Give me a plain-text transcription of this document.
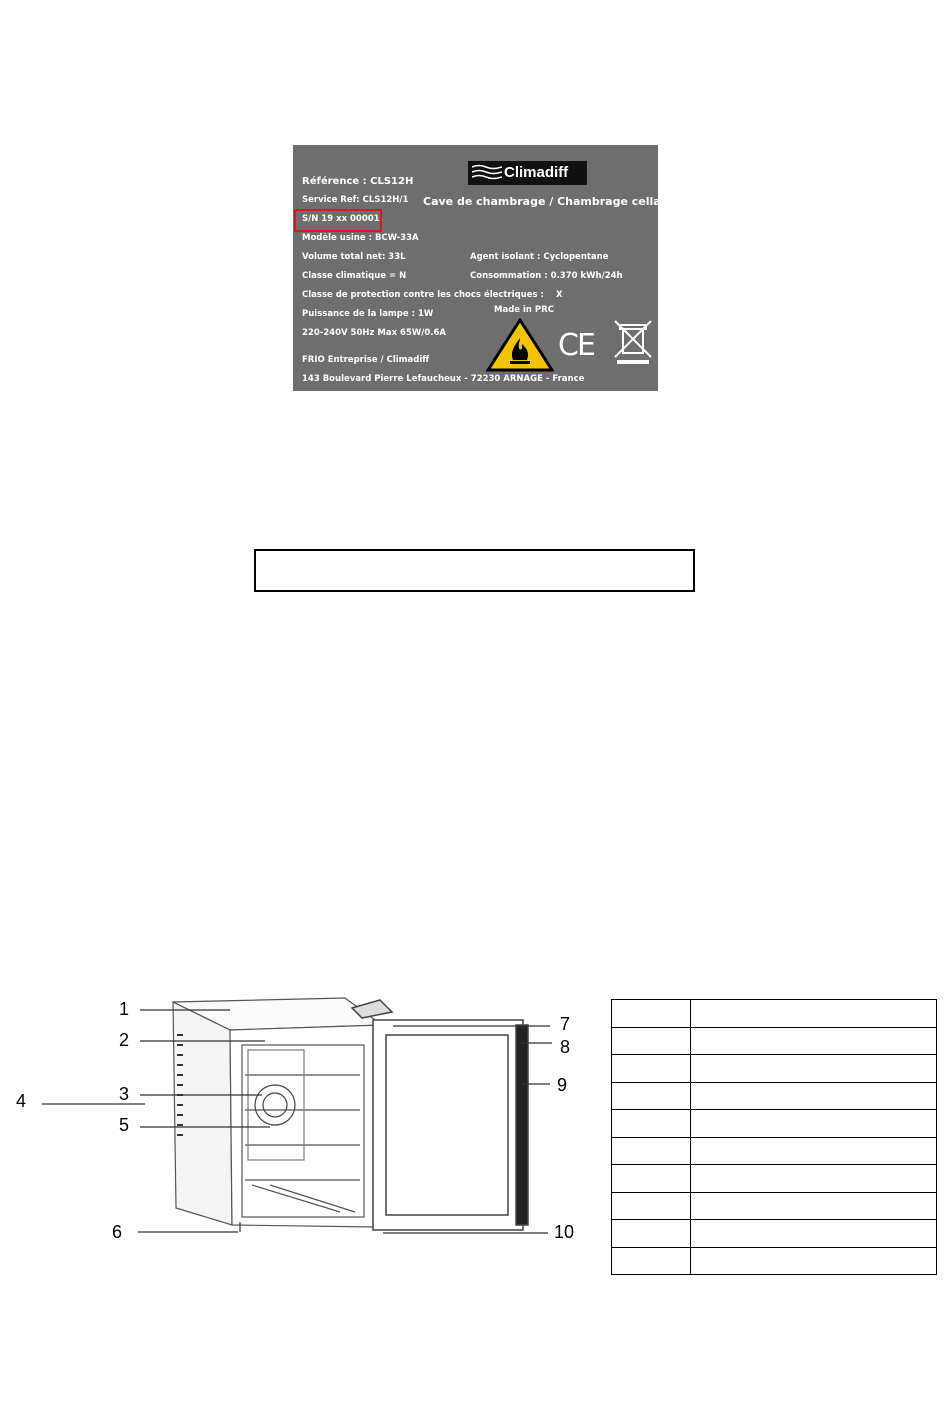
Référence : CLS12H
Service Ref: CLS12H/1
S/N 19 xx 00001
Modèle usine : BCW-33A
Volume total net: 33L
Classe climatique = N
Classe de protection contre les chocs électriques : X
Puissance de la lampe : 1W
220-240V 50Hz Max 65W/0.6A
FRIO Entreprise / Climadiff
143 Boulevard Pierre Lefaucheux - 72230 ARNAGE - France
Climadiff
Cave de chambrage / Chambrage cellar
Agent isolant : Cyclopentane
Consommation : 0.370 kWh/24h
Made in PRC
CE
1
2
3
4
5
6
7
8
9
10
